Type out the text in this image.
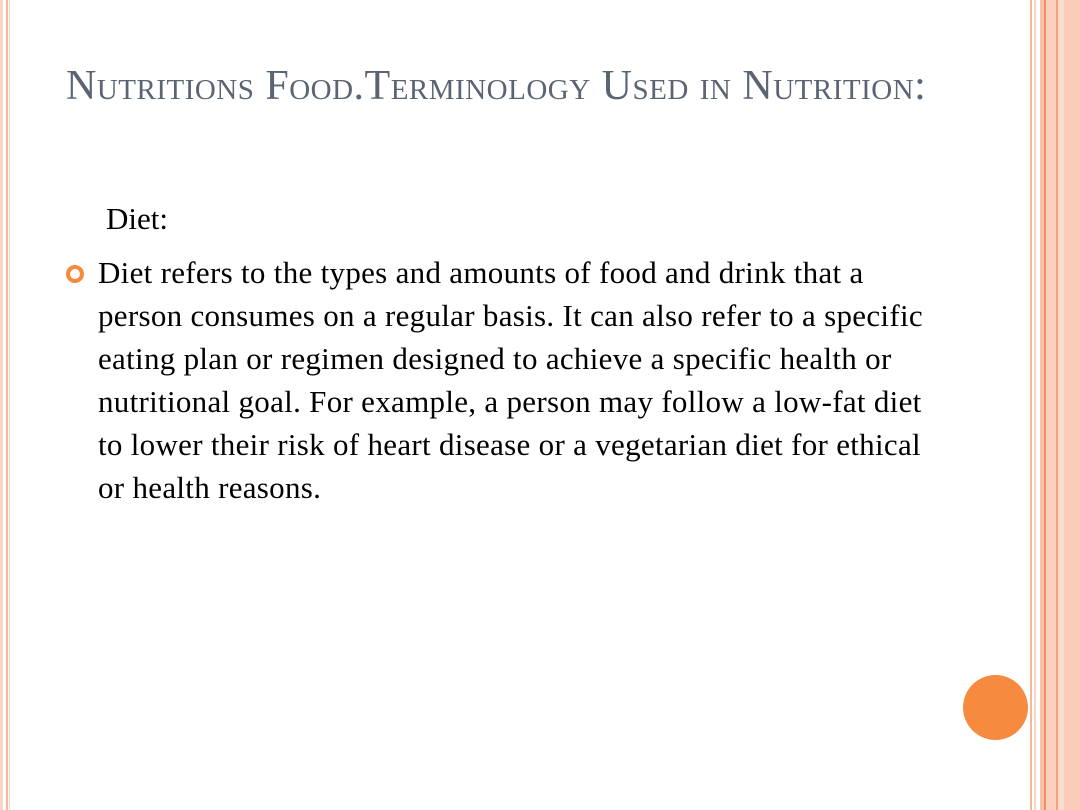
Nutritions Food.Terminology Used in Nutrition:
Diet:
Diet refers to the types and amounts of food and drink that a person consumes on a regular basis. It can also refer to a specific eating plan or regimen designed to achieve a specific health or nutritional goal. For example, a person may follow a low-fat diet to lower their risk of heart disease or a vegetarian diet for ethical or health reasons.
